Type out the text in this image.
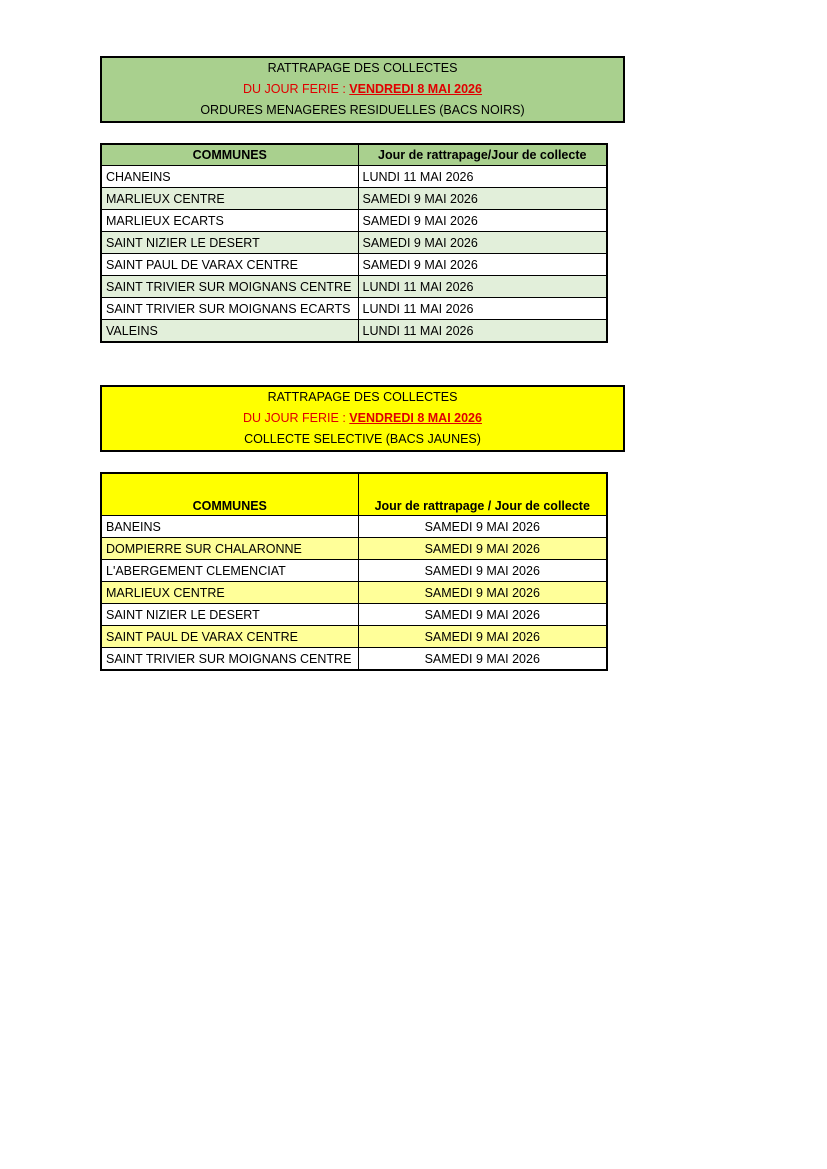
RATTRAPAGE DES COLLECTES
DU JOUR FERIE : VENDREDI 8 MAI 2026
ORDURES MENAGERES RESIDUELLES (BACS NOIRS)
COMMUNES	Jour de rattrapage/Jour de collecte
CHANEINS	LUNDI 11 MAI 2026
MARLIEUX CENTRE	SAMEDI 9 MAI 2026
MARLIEUX ECARTS	SAMEDI 9 MAI 2026
SAINT NIZIER LE DESERT	SAMEDI 9 MAI 2026
SAINT PAUL DE VARAX CENTRE	SAMEDI 9 MAI 2026
SAINT TRIVIER SUR MOIGNANS CENTRE	LUNDI 11 MAI 2026
SAINT TRIVIER SUR MOIGNANS ECARTS	LUNDI 11 MAI 2026
VALEINS	LUNDI 11 MAI 2026
RATTRAPAGE DES COLLECTES
DU JOUR FERIE : VENDREDI 8 MAI 2026
COLLECTE SELECTIVE (BACS JAUNES)
COMMUNES	Jour de rattrapage / Jour de collecte
BANEINS	SAMEDI 9 MAI 2026
DOMPIERRE SUR CHALARONNE	SAMEDI 9 MAI 2026
L'ABERGEMENT CLEMENCIAT	SAMEDI 9 MAI 2026
MARLIEUX CENTRE	SAMEDI 9 MAI 2026
SAINT NIZIER LE DESERT	SAMEDI 9 MAI 2026
SAINT PAUL DE VARAX CENTRE	SAMEDI 9 MAI 2026
SAINT TRIVIER SUR MOIGNANS CENTRE	SAMEDI 9 MAI 2026
